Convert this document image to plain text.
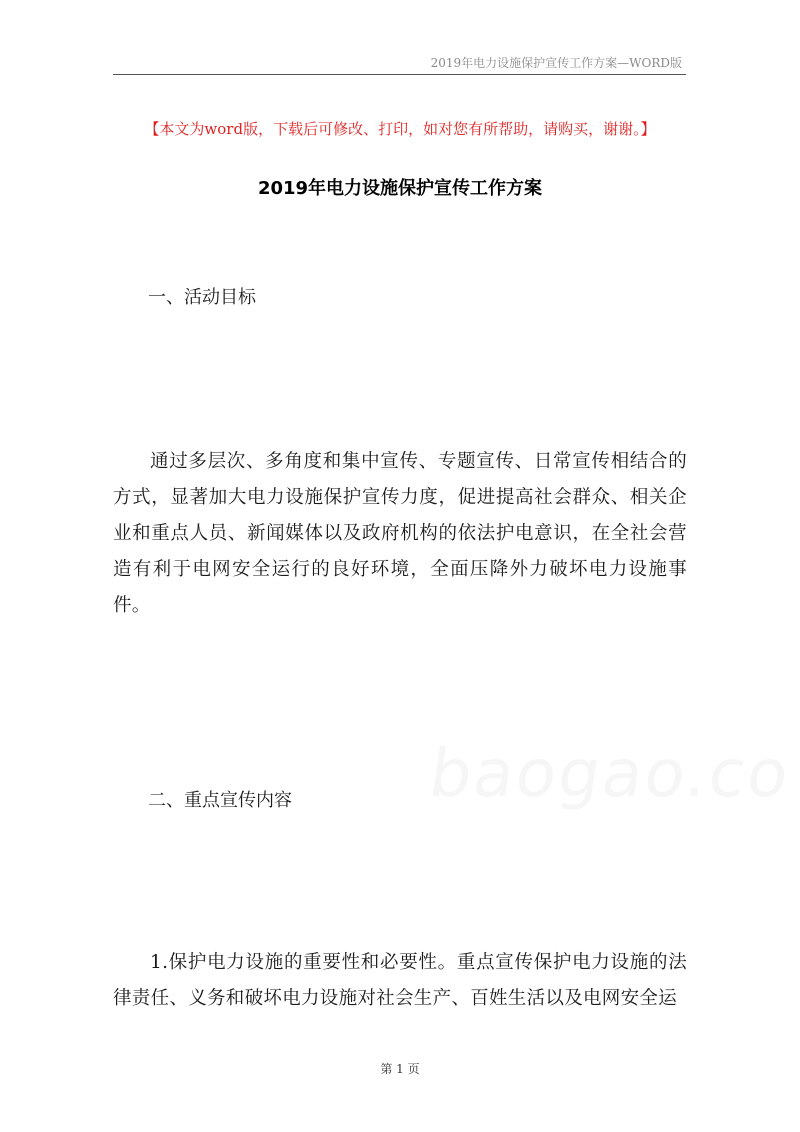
2019年电力设施保护宣传工作方案—WORD版
【本文为word版，下载后可修改、打印，如对您有所帮助，请购买，谢谢。】
2019年电力设施保护宣传工作方案
一、活动目标
通过多层次、多角度和集中宣传、专题宣传、日常宣传相结合的方式，显著加大电力设施保护宣传力度，促进提高社会群众、相关企业和重点人员、新闻媒体以及政府机构的依法护电意识，在全社会营造有利于电网安全运行的良好环境，全面压降外力破坏电力设施事件。
baogao.co
二、重点宣传内容
1.保护电力设施的重要性和必要性。重点宣传保护电力设施的法律责任、义务和破坏电力设施对社会生产、百姓生活以及电网安全运
第 1 页
